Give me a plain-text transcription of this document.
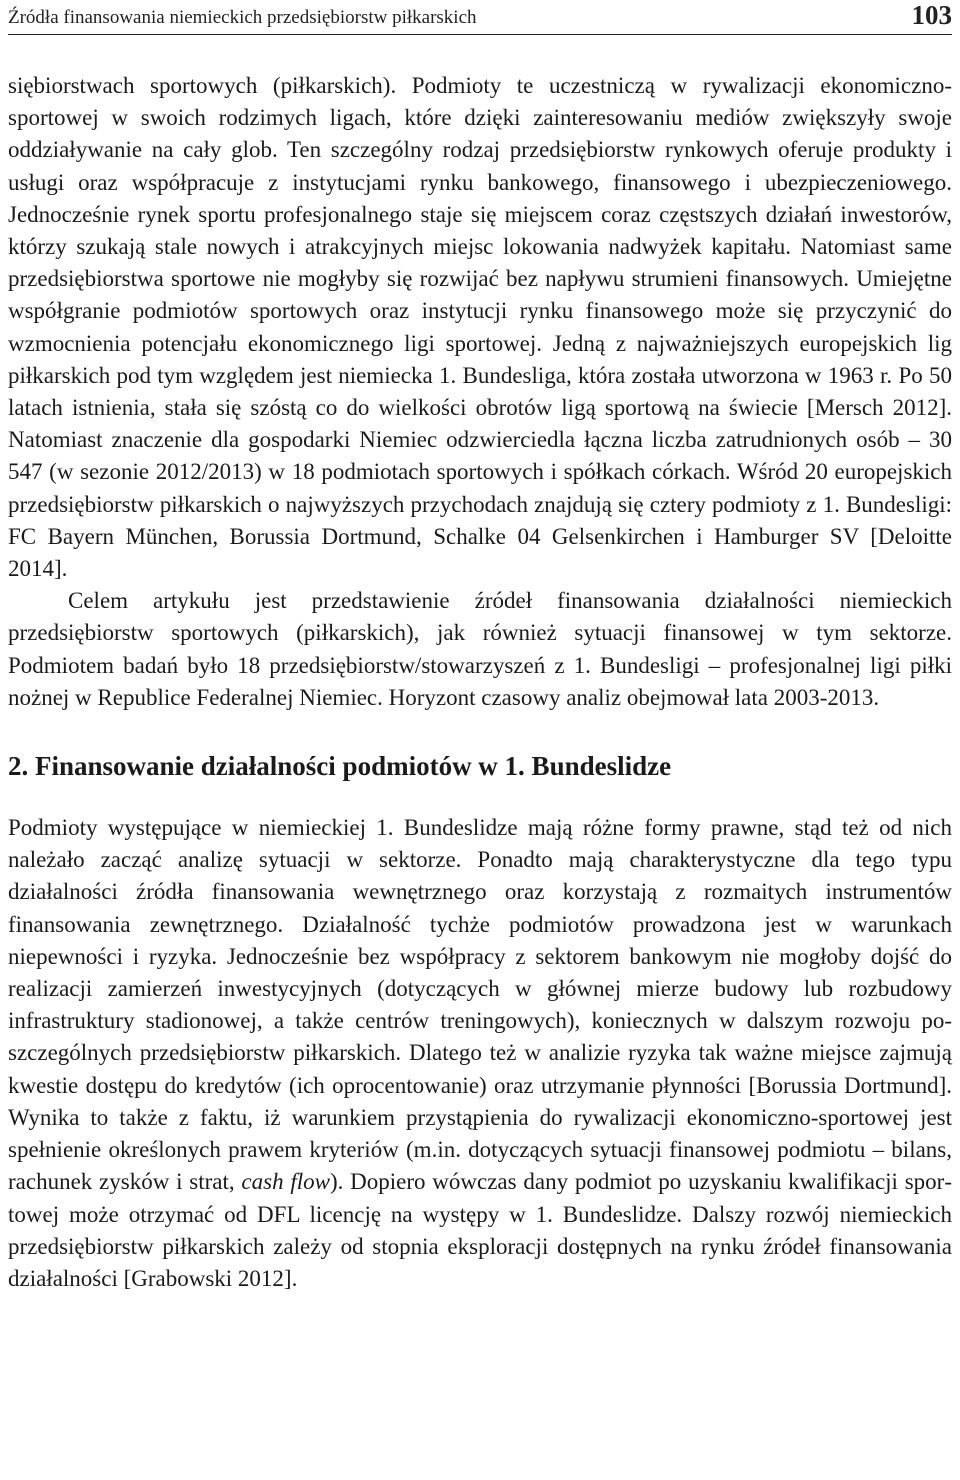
Źródła finansowania niemieckich przedsiębiorstw piłkarskich	103

siębiorstwach sportowych (piłkarskich). Podmioty te uczestniczą w rywalizacji ekonomiczno-sportowej w swoich rodzimych ligach, które dzięki zainteresowaniu mediów zwiększyły swoje oddziaływanie na cały glob. Ten szczególny rodzaj przedsiębiorstw rynkowych oferuje produkty i usługi oraz współpracuje z instytucjami rynku bankowego, finansowego i ubezpieczeniowego. Jednocześnie rynek sportu profesjonalnego staje się miejscem coraz częstszych działań inwestorów, którzy szukają stale nowych i atrakcyjnych miejsc lokowania nadwyżek kapitału. Natomiast same przedsiębiorstwa sportowe nie mogłyby się rozwijać bez napływu strumieni finansowych. Umiejętne współgranie podmiotów sportowych oraz instytucji rynku finansowego może się przyczynić do wzmocnienia potencjału ekonomicznego ligi sportowej. Jedną z najważniejszych europejskich lig piłkarskich pod tym względem jest niemiecka 1. Bundesliga, która została utworzona w 1963 r. Po 50 latach istnienia, stała się szóstą co do wielkości obrotów ligą sportową na świecie [Mersch 2012]. Natomiast znaczenie dla gospodarki Niemiec odzwierciedla łączna liczba zatrudnionych osób – 30 547 (w sezonie 2012/2013) w 18 podmiotach sportowych i spółkach córkach. Wśród 20 europejskich przedsiębiorstw piłkarskich o najwyższych przychodach znajdują się cztery podmioty z 1. Bundesligi: FC Bayern München, Borussia Dortmund, Schalke 04 Gelsenkirchen i Hamburger SV [Deloitte 2014].

Celem artykułu jest przedstawienie źródeł finansowania działalności niemieckich przedsiębiorstw sportowych (piłkarskich), jak również sytuacji finansowej w tym sektorze. Podmiotem badań było 18 przedsiębiorstw/stowarzyszeń z 1. Bundesligi – profesjonalnej ligi piłki nożnej w Republice Federalnej Niemiec. Horyzont czasowy analiz obejmował lata 2003-2013.

2. Finansowanie działalności podmiotów w 1. Bundeslidze

Podmioty występujące w niemieckiej 1. Bundeslidze mają różne formy prawne, stąd też od nich należało zacząć analizę sytuacji w sektorze. Ponadto mają charakterystyczne dla tego typu działalności źródła finansowania wewnętrznego oraz korzystają z rozmaitych instrumentów finansowania zewnętrznego. Działalność tychże podmiotów prowadzona jest w warunkach niepewności i ryzyka. Jednocześnie bez współpracy z sektorem bankowym nie mogłoby dojść do realizacji zamierzeń inwestycyjnych (dotyczących w głównej mierze budowy lub rozbudowy infrastruktury stadionowej, a także centrów treningowych), koniecznych w dalszym rozwoju poszczególnych przedsiębiorstw piłkarskich. Dlatego też w analizie ryzyka tak ważne miejsce zajmują kwestie dostępu do kredytów (ich oprocentowanie) oraz utrzymanie płynności [Borussia Dortmund]. Wynika to także z faktu, iż warunkiem przystąpienia do rywalizacji ekonomiczno-sportowej jest spełnienie określonych prawem kryteriów (m.in. dotyczących sytuacji finansowej podmiotu – bilans, rachunek zysków i strat, cash flow). Dopiero wówczas dany podmiot po uzyskaniu kwalifikacji sportowej może otrzymać od DFL licencję na występy w 1. Bundeslidze. Dalszy rozwój niemieckich przedsiębiorstw piłkarskich zależy od stopnia eksploracji dostępnych na rynku źródeł finansowania działalności [Grabowski 2012].
